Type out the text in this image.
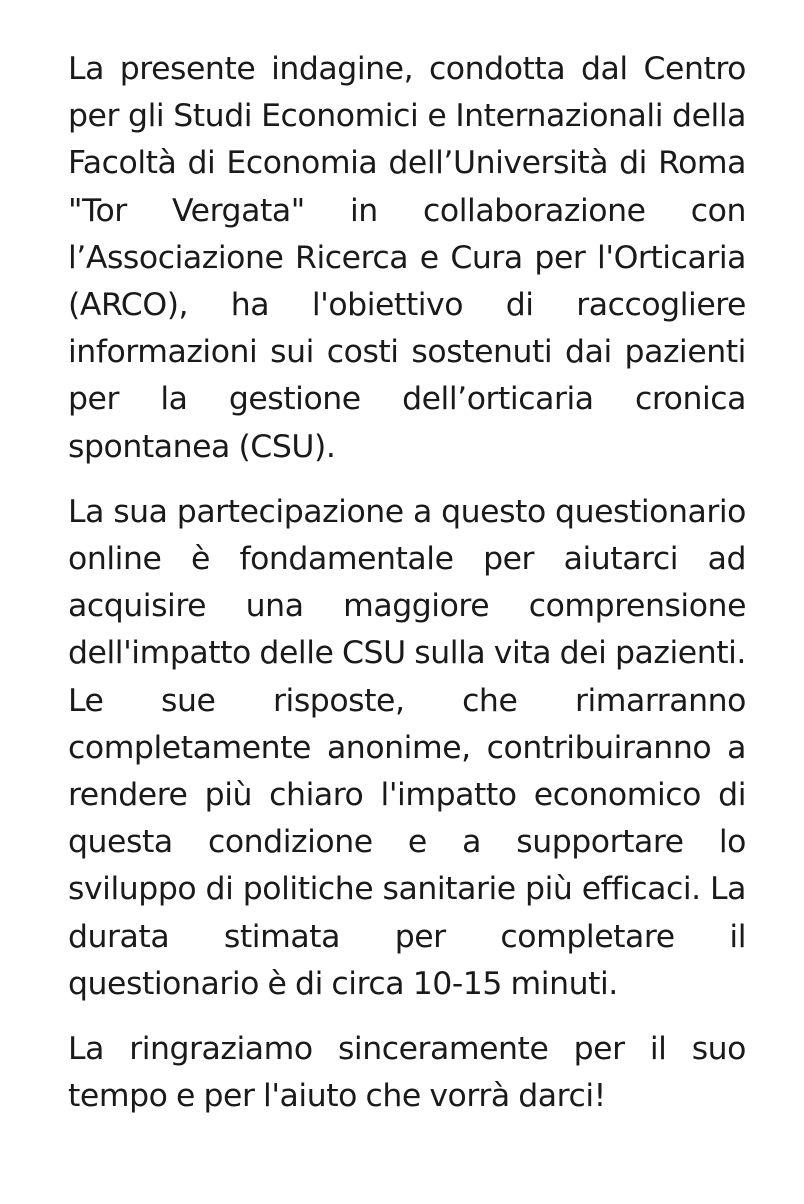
La presente indagine, condotta dal Centro per gli Studi Economici e Internazionali della Facoltà di Economia dell’Università di Roma "Tor Vergata" in collaborazione con l’Associazione Ricerca e Cura per l'Orticaria (ARCO), ha l'obiettivo di raccogliere informazioni sui costi sostenuti dai pazienti per la gestione dell’orticaria cronica spontanea (CSU).

La sua partecipazione a questo questionario online è fondamentale per aiutarci ad acquisire una maggiore comprensione dell'impatto delle CSU sulla vita dei pazienti. Le sue risposte, che rimarranno completamente anonime, contribuiranno a rendere più chiaro l'impatto economico di questa condizione e a supportare lo sviluppo di politiche sanitarie più efficaci. La durata stimata per completare il questionario è di circa 10-15 minuti.

La ringraziamo sinceramente per il suo tempo e per l'aiuto che vorrà darci!
